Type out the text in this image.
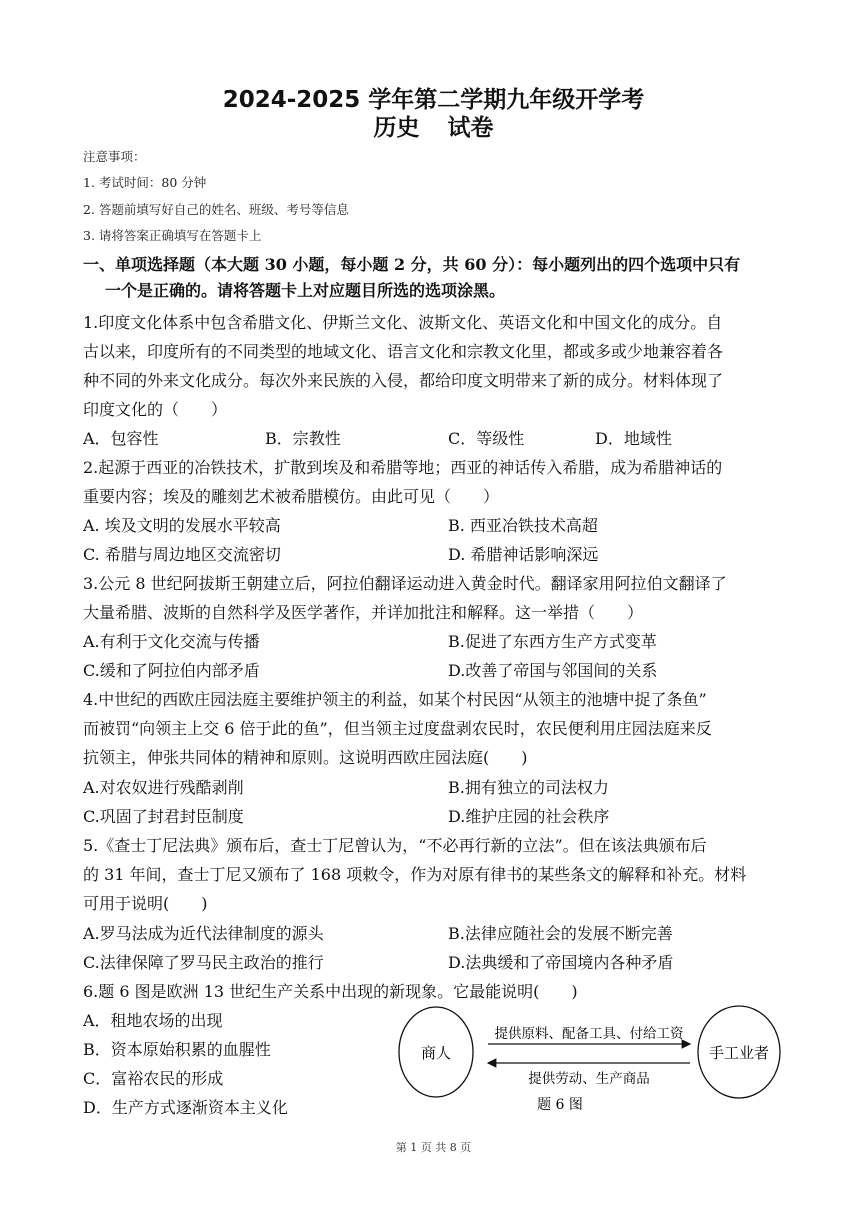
2024-2025 学年第二学期九年级开学考
历史 试卷
注意事项：
1. 考试时间：80 分钟
2. 答题前填写好自己的姓名、班级、考号等信息
3. 请将答案正确填写在答题卡上
一、单项选择题（本大题 30 小题，每小题 2 分，共 60 分）：每小题列出的四个选项中只有
一个是正确的。请将答题卡上对应题目所选的选项涂黑。
1.印度文化体系中包含希腊文化、伊斯兰文化、波斯文化、英语文化和中国文化的成分。自
古以来，印度所有的不同类型的地域文化、语言文化和宗教文化里，都或多或少地兼容着各
种不同的外来文化成分。每次外来民族的入侵，都给印度文明带来了新的成分。材料体现了
印度文化的（　　）
A．包容性	B．宗教性	C．等级性	D．地域性
2.起源于西亚的冶铁技术，扩散到埃及和希腊等地；西亚的神话传入希腊，成为希腊神话的
重要内容；埃及的雕刻艺术被希腊模仿。由此可见（　　）
A. 埃及文明的发展水平较高	B. 西亚冶铁技术高超
C. 希腊与周边地区交流密切	D. 希腊神话影响深远
3.公元 8 世纪阿拔斯王朝建立后，阿拉伯翻译运动进入黄金时代。翻译家用阿拉伯文翻译了
大量希腊、波斯的自然科学及医学著作，并详加批注和解释。这一举措（　　）
A.有利于文化交流与传播	B.促进了东西方生产方式变革
C.缓和了阿拉伯内部矛盾	D.改善了帝国与邻国间的关系
4.中世纪的西欧庄园法庭主要维护领主的利益，如某个村民因“从领主的池塘中捉了条鱼”
而被罚“向领主上交 6 倍于此的鱼”，但当领主过度盘剥农民时，农民便利用庄园法庭来反
抗领主，伸张共同体的精神和原则。这说明西欧庄园法庭(　　)
A.对农奴进行残酷剥削	B.拥有独立的司法权力
C.巩固了封君封臣制度	D.维护庄园的社会秩序
5.《查士丁尼法典》颁布后，查士丁尼曾认为，“不必再行新的立法”。但在该法典颁布后
的 31 年间，查士丁尼又颁布了 168 项敕令，作为对原有律书的某些条文的解释和补充。材料
可用于说明(　　)
A.罗马法成为近代法律制度的源头	B.法律应随社会的发展不断完善
C.法律保障了罗马民主政治的推行	D.法典缓和了帝国境内各种矛盾
6.题 6 图是欧洲 13 世纪生产关系中出现的新现象。它最能说明(　　)
A．租地农场的出现
B．资本原始积累的血腥性
C．富裕农民的形成
D．生产方式逐渐资本主义化
商人	手工业者
提供原料、配备工具、付给工资
提供劳动、生产商品
题 6 图
第 1 页 共 8 页
